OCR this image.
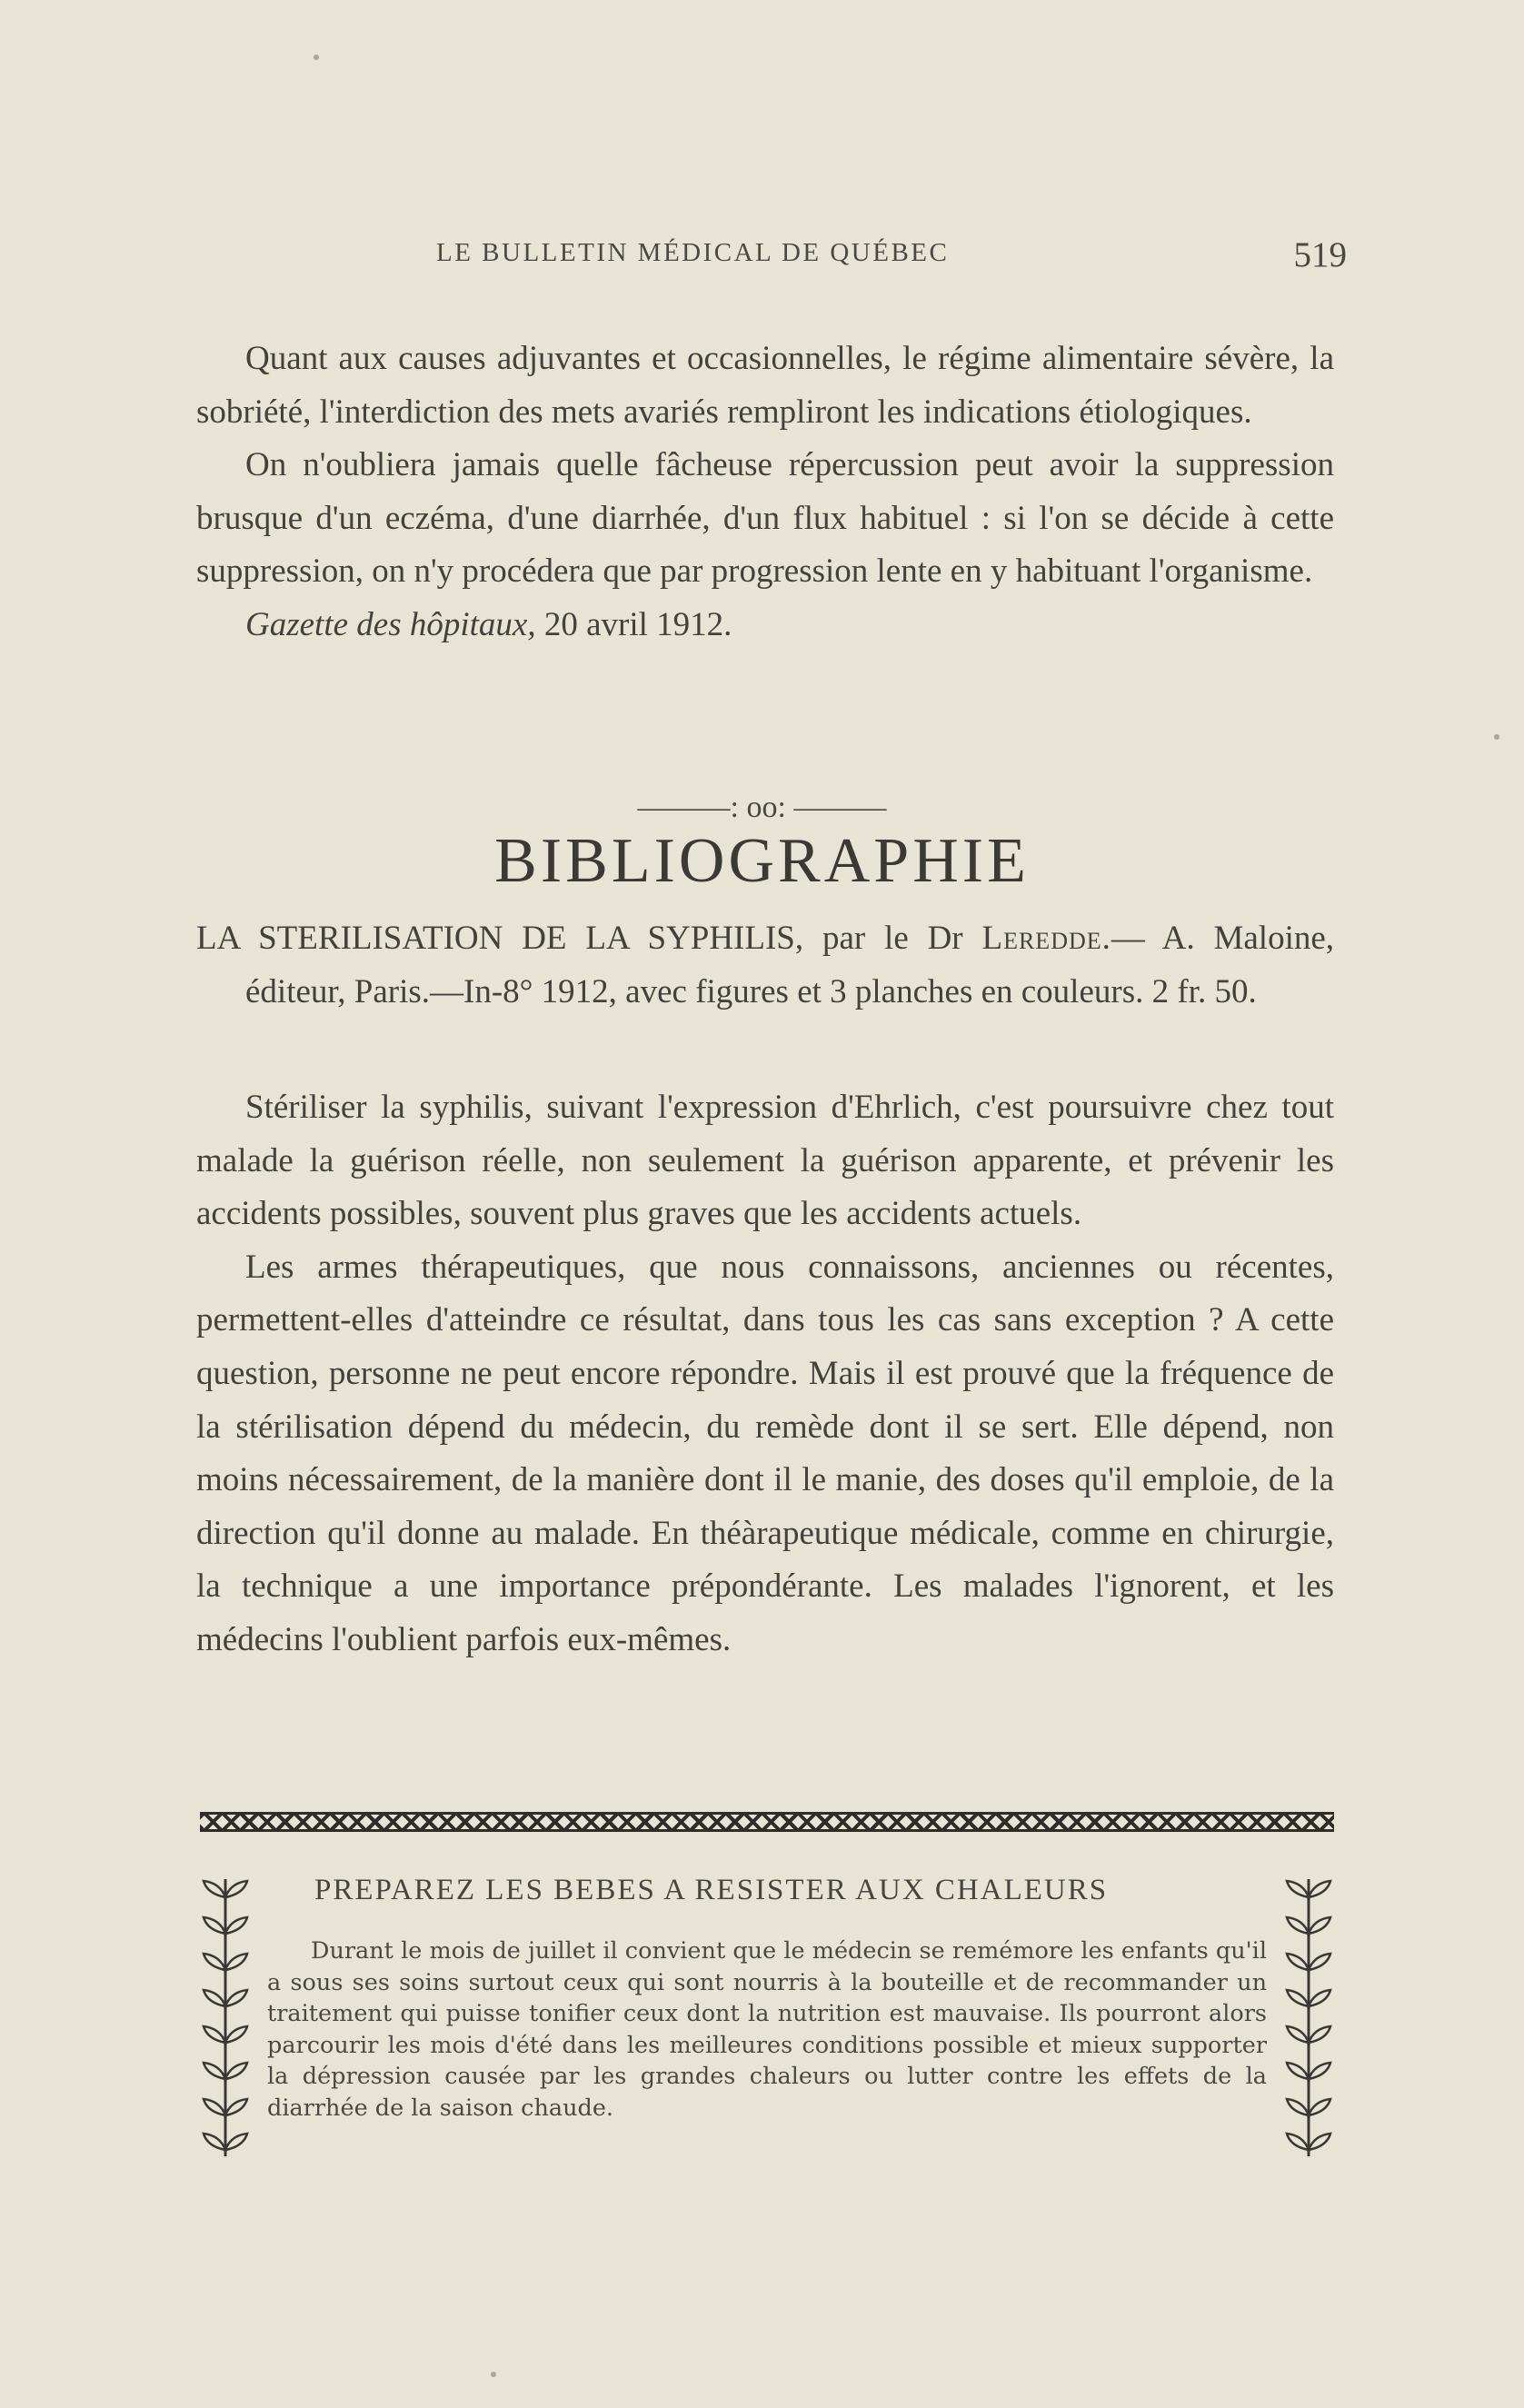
LE BULLETIN MÉDICAL DE QUÉBEC	519

Quant aux causes adjuvantes et occasionnelles, le régime alimentaire sévère, la sobriété, l'interdiction des mets avariés rempliront les indications étiologiques.

On n'oubliera jamais quelle fâcheuse répercussion peut avoir la suppression brusque d'un eczéma, d'une diarrhée, d'un flux habituel : si l'on se décide à cette suppression, on n'y procédera que par progression lente en y habituant l'organisme.

Gazette des hôpitaux, 20 avril 1912.

———: oo: ———
BIBLIOGRAPHIE

LA STERILISATION DE LA SYPHILIS, par le Dr Leredde.— A. Maloine, éditeur, Paris.—In-8° 1912, avec figures et 3 planches en couleurs. 2 fr. 50.

Stériliser la syphilis, suivant l'expression d'Ehrlich, c'est poursuivre chez tout malade la guérison réelle, non seulement la guérison apparente, et prévenir les accidents possibles, souvent plus graves que les accidents actuels.

Les armes thérapeutiques, que nous connaissons, anciennes ou récentes, permettent-elles d'atteindre ce résultat, dans tous les cas sans exception ? A cette question, personne ne peut encore répondre. Mais il est prouvé que la fréquence de la stérilisation dépend du médecin, du remède dont il se sert. Elle dépend, non moins nécessairement, de la manière dont il le manie, des doses qu'il emploie, de la direction qu'il donne au malade. En théàrapeutique médicale, comme en chirurgie, la technique a une importance prépondérante. Les malades l'ignorent, et les médecins l'oublient parfois eux-mêmes.

PREPAREZ LES BEBES A RESISTER AUX CHALEURS
Durant le mois de juillet il convient que le médecin se remémore les enfants qu'il a sous ses soins surtout ceux qui sont nourris à la bouteille et de recommander un traitement qui puisse tonifier ceux dont la nutrition est mauvaise. Ils pourront alors parcourir les mois d'été dans les meilleures conditions possible et mieux supporter la dépression causée par les grandes chaleurs ou lutter contre les effets de la diarrhée de la saison chaude.
